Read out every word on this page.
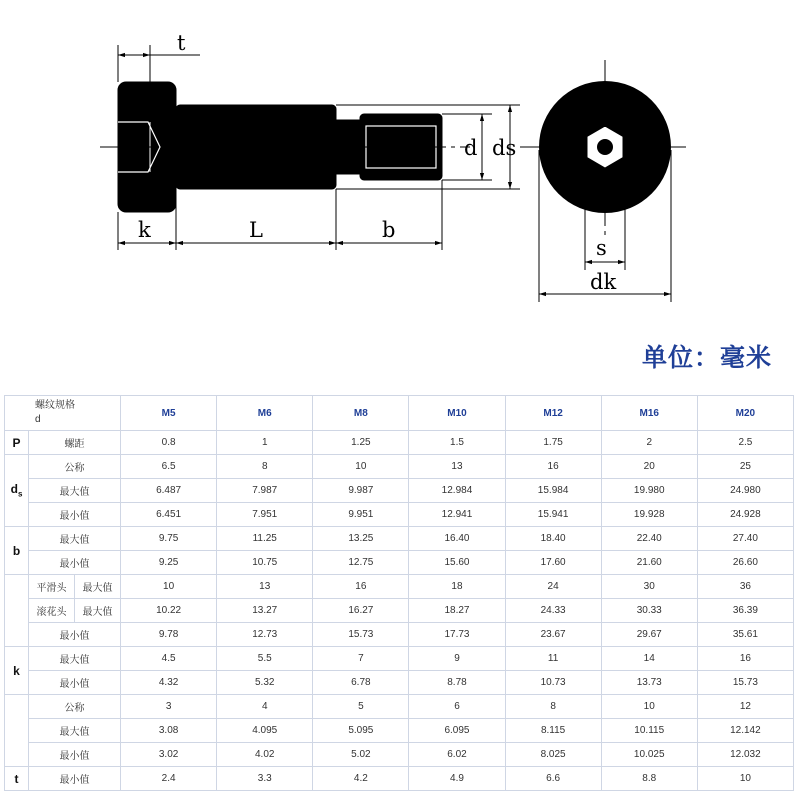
t
d ds
k	L	b
s
dk
单位：毫米
螺纹规格
d			M5	M6	M8	M10	M12	M16	M20
P	螺距		0.8	1	1.25	1.5	1.75	2	2.5
$d_s$	公称		6.5	8	10	13	16	20	25
	最大值		6.487	7.987	9.987	12.984	15.984	19.980	24.980
	最小值		6.451	7.951	9.951	12.941	15.941	19.928	24.928
b	最大值		9.75	11.25	13.25	16.40	18.40	22.40	27.40
	最小值		9.25	10.75	12.75	15.60	17.60	21.60	26.60
	平滑头	最大值	10	13	16	18	24	30	36
	滚花头	最大值	10.22	13.27	16.27	18.27	24.33	30.33	36.39
	最小值		9.78	12.73	15.73	17.73	23.67	29.67	35.61
k	最大值		4.5	5.5	7	9	11	14	16
	最小值		4.32	5.32	6.78	8.78	10.73	13.73	15.73
	公称		3	4	5	6	8	10	12
	最大值		3.08	4.095	5.095	6.095	8.115	10.115	12.142
	最小值		3.02	4.02	5.02	6.02	8.025	10.025	12.032
t	最小值		2.4	3.3	4.2	4.9	6.6	8.8	10
